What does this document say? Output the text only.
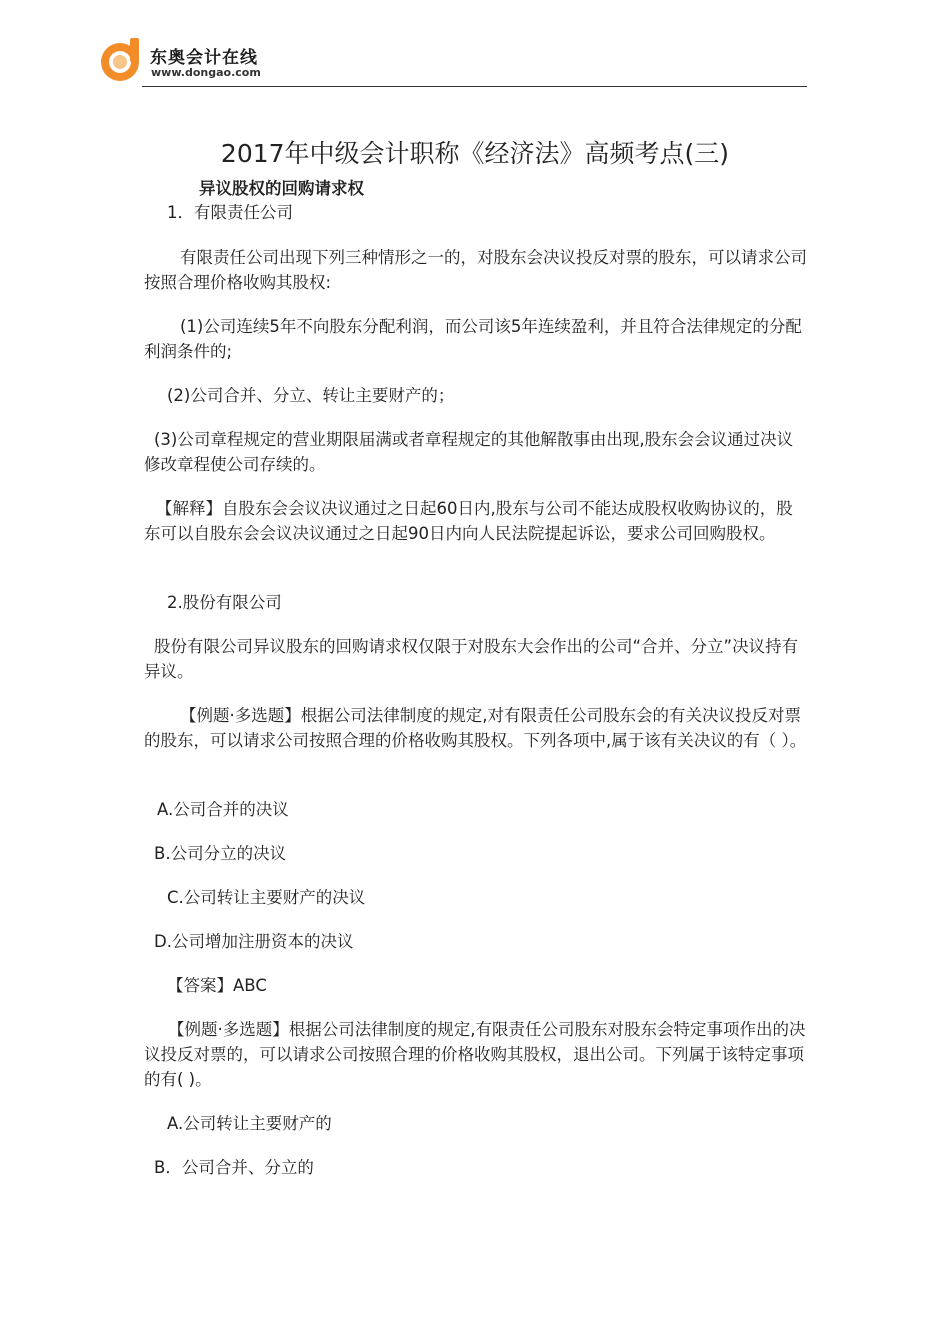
东奥会计在线
www.dongao.com
2017年中级会计职称《经济法》高频考点(三)

异议股权的回购请求权

1．有限责任公司

有限责任公司出现下列三种情形之一的，对股东会决议投反对票的股东，可以请求公司按照合理价格收购其股权:

(1)公司连续5年不向股东分配利润，而公司该5年连续盈利，并且符合法律规定的分配利润条件的;

(2)公司合并、分立、转让主要财产的；

(3)公司章程规定的营业期限届满或者章程规定的其他解散事由出现,股东会会议通过决议修改章程使公司存续的。

【解释】自股东会会议决议通过之日起60日内,股东与公司不能达成股权收购协议的，股东可以自股东会会议决议通过之日起90日内向人民法院提起诉讼，要求公司回购股权。

2.股份有限公司

股份有限公司异议股东的回购请求权仅限于对股东大会作出的公司“合并、分立”决议持有异议。

【例题·多选题】根据公司法律制度的规定,对有限责任公司股东会的有关决议投反对票的股东，可以请求公司按照合理的价格收购其股权。下列各项中,属于该有关决议的有（ ）。

A.公司合并的决议

B.公司分立的决议

C.公司转让主要财产的决议

D.公司增加注册资本的决议

【答案】ABC

【例题·多选题】根据公司法律制度的规定,有限责任公司股东对股东会特定事项作出的决议投反对票的，可以请求公司按照合理的价格收购其股权，退出公司。下列属于该特定事项的有( )。

A.公司转让主要财产的

B．公司合并、分立的
